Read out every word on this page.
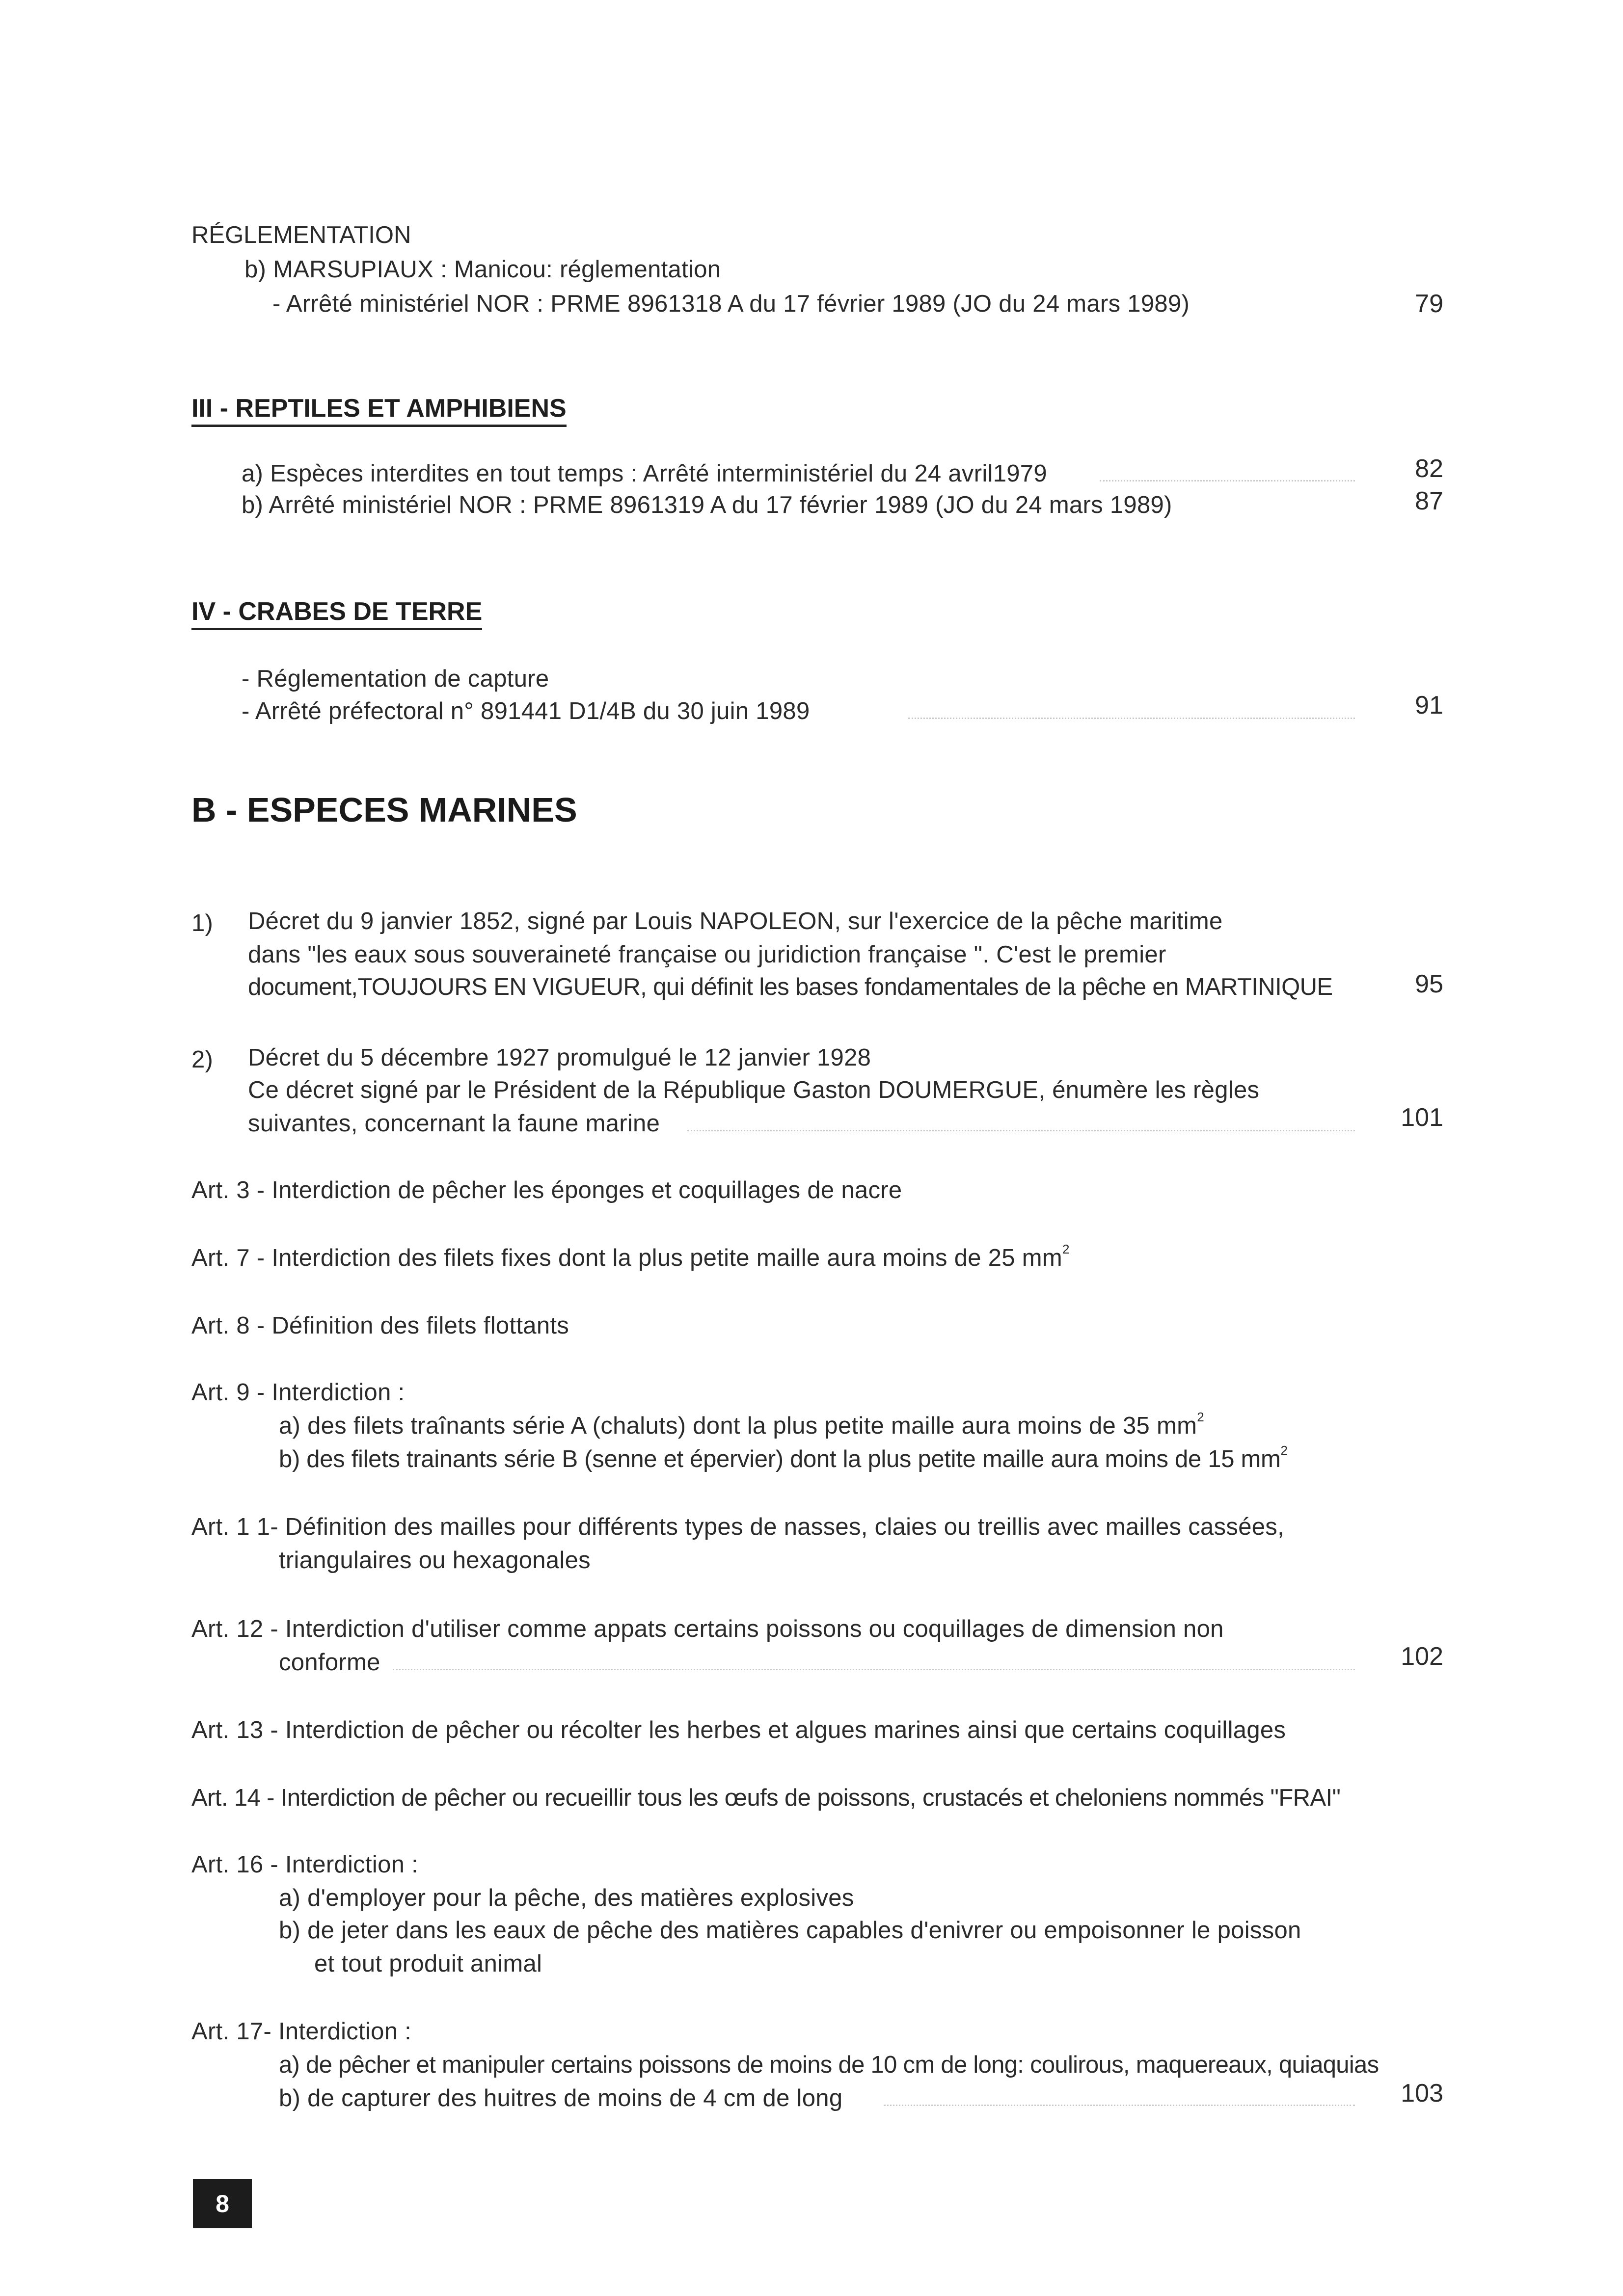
RÉGLEMENTATION
b) MARSUPIAUX : Manicou: réglementation
- Arrêté ministériel NOR : PRME 8961318 A du 17 février 1989 (JO du 24 mars 1989)	79
III - REPTILES ET AMPHIBIENS
a) Espèces interdites en tout temps : Arrêté interministériel du 24 avril1979	82
b) Arrêté ministériel NOR : PRME 8961319 A du 17 février 1989 (JO du 24 mars 1989)	87
IV - CRABES DE TERRE
- Réglementation de capture
- Arrêté préfectoral n° 891441 D1/4B du 30 juin 1989	91
B - ESPECES MARINES
1) Décret du 9 janvier 1852, signé par Louis NAPOLEON, sur l'exercice de la pêche maritime
dans "les eaux sous souveraineté française ou juridiction française ". C'est le premier
document,TOUJOURS EN VIGUEUR, qui définit les bases fondamentales de la pêche en MARTINIQUE	95
2) Décret du 5 décembre 1927 promulgué le 12 janvier 1928
Ce décret signé par le Président de la République Gaston DOUMERGUE, énumère les règles
suivantes, concernant la faune marine	101
Art. 3 - Interdiction de pêcher les éponges et coquillages de nacre
Art. 7 - Interdiction des filets fixes dont la plus petite maille aura moins de 25 $mm^2$
Art. 8 - Définition des filets flottants
Art. 9 - Interdiction :
a) des filets traînants série A (chaluts) dont la plus petite maille aura moins de 35 $mm^2$
b) des filets trainants série B (senne et épervier) dont la plus petite maille aura moins de 15 $mm^2$
Art. 1 1- Définition des mailles pour différents types de nasses, claies ou treillis avec mailles cassées,
triangulaires ou hexagonales
Art. 12 - Interdiction d'utiliser comme appats certains poissons ou coquillages de dimension non
conforme	102
Art. 13 - Interdiction de pêcher ou récolter les herbes et algues marines ainsi que certains coquillages
Art. 14 - Interdiction de pêcher ou recueillir tous les œufs de poissons, crustacés et cheloniens nommés "FRAI"
Art. 16 - Interdiction :
a) d'employer pour la pêche, des matières explosives
b) de jeter dans les eaux de pêche des matières capables d'enivrer ou empoisonner le poisson
et tout produit animal
Art. 17- Interdiction :
a) de pêcher et manipuler certains poissons de moins de 10 cm de long: coulirous, maquereaux, quiaquias
b) de capturer des huitres de moins de 4 cm de long	103
8
